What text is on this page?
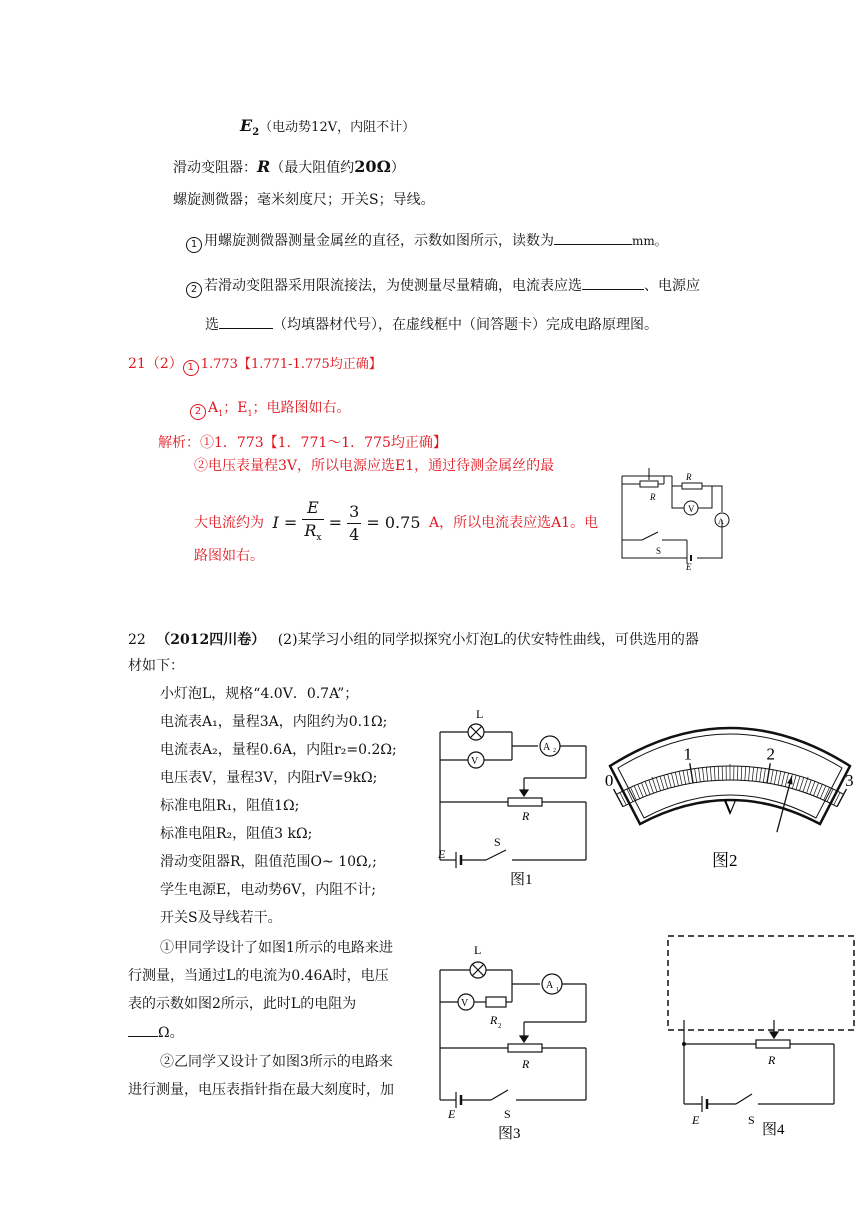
$E_2$（电动势12V，内阻不计）
滑动变阻器：R（最大阻值约20Ω）
螺旋测微器；毫米刻度尺；开关S；导线。
1 用螺旋测微器测量金属丝的直径，示数如图所示，读数为	mm。
2 若滑动变阻器采用限流接法，为使测量尽量精确，电流表应选	、电源应
选	（均填器材代号），在虚线框中（间答题卡）完成电路原理图。
21（2） 1 1.773【1.771-1.775均正确】
2 $A_1$；$E_1$；电路图如右。
解析：①1．773【1．771～1．775均正确】
②电压表量程3V，所以电源应选E1，通过待测金属丝的最
大电流约为 $I = \frac{E}{R_x} = \frac{3}{4} = 0.75$ A，所以电流表应选A1。电
路图如右。
R
R
V
A
S
E
22 （2012四川卷） (2)某学习小组的同学拟探究小灯泡L的伏安特性曲线，可供选用的器
材如下：
小灯泡L，规格“4.0V．0.7A”；
电流表A₁，量程3A，内阻约为0.1Ω;
电流表A₂，量程0.6A，内阻r₂=0.2Ω;
电压表V，量程3V，内阻rV=9kΩ;
标准电阻R₁，阻值1Ω;
标准电阻R₂，阻值3 kΩ;
滑动变阻器R，阻值范围O~ 10Ω,;
学生电源E，电动势6V，内阻不计;
开关S及导线若干。
①甲同学设计了如图1所示的电路来进
行测量，当通过L的电流为0.46A时，电压
表的示数如图2所示，此时L的电阻为
Ω。
②乙同学又设计了如图3所示的电路来
进行测量，电压表指针指在最大刻度时，加
L
V
A 2
R
S
E
图1
0
1	2
3
V
图2
L
V
R 2
A 1
R
S
E
图3
R
S
E
图4
